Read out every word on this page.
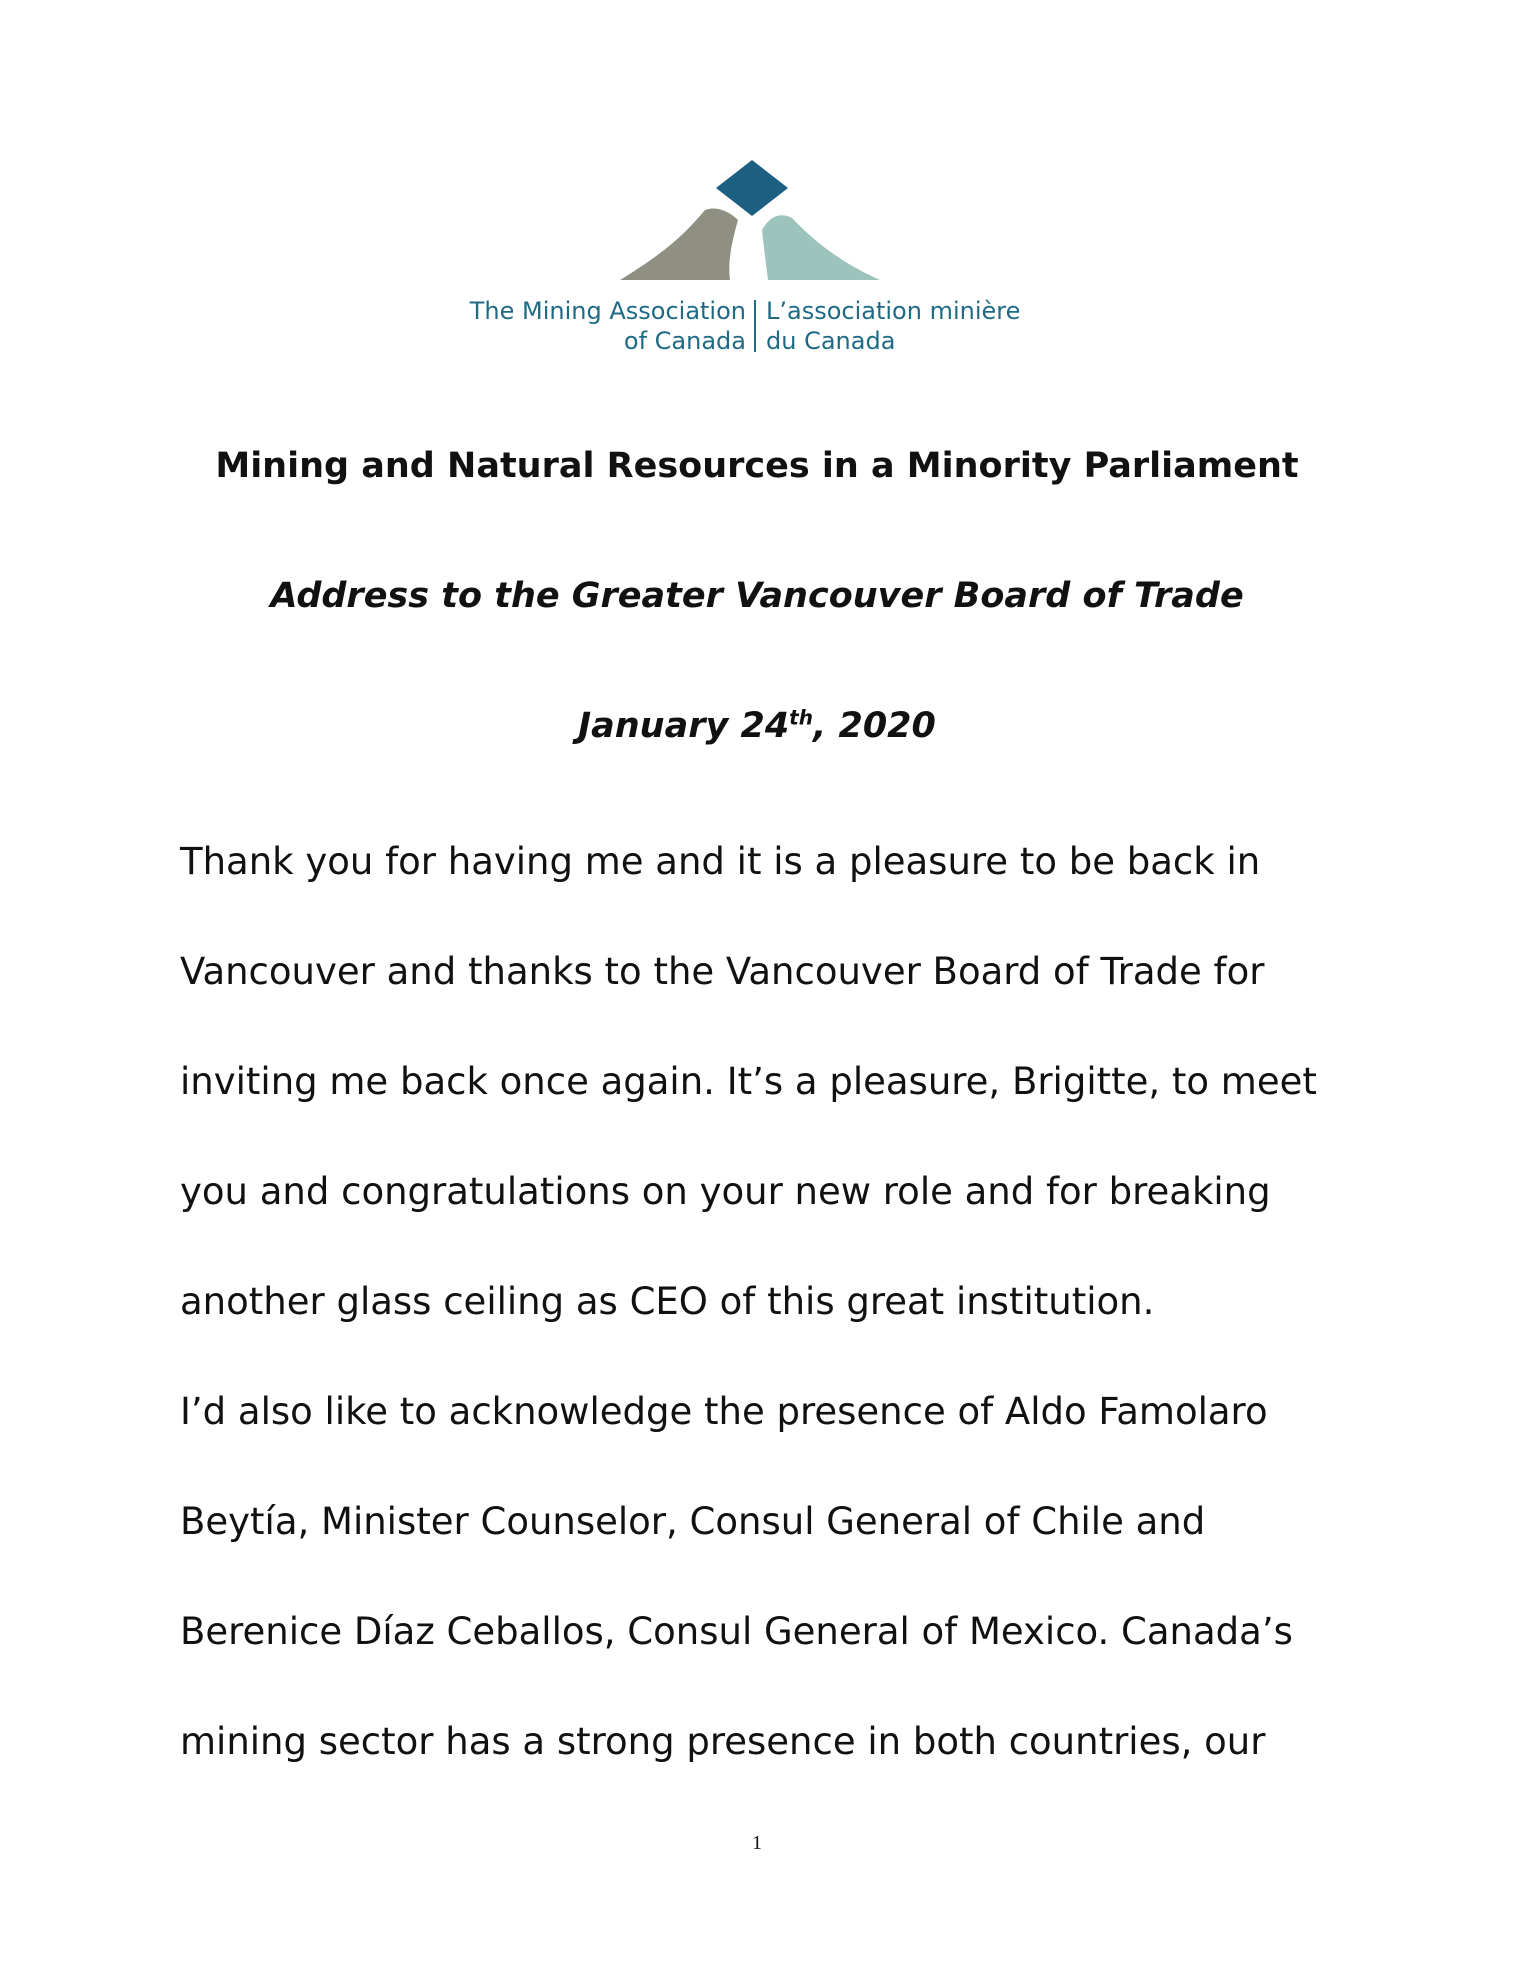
The Mining Association
of Canada
L’association minière
du Canada
Mining and Natural Resources in a Minority Parliament
Address to the Greater Vancouver Board of Trade
January 24th, 2020
Thank you for having me and it is a pleasure to be back in
Vancouver and thanks to the Vancouver Board of Trade for
inviting me back once again. It’s a pleasure, Brigitte, to meet
you and congratulations on your new role and for breaking
another glass ceiling as CEO of this great institution.
I’d also like to acknowledge the presence of Aldo Famolaro
Beytía, Minister Counselor, Consul General of Chile and
Berenice Díaz Ceballos, Consul General of Mexico. Canada’s
mining sector has a strong presence in both countries, our
1
